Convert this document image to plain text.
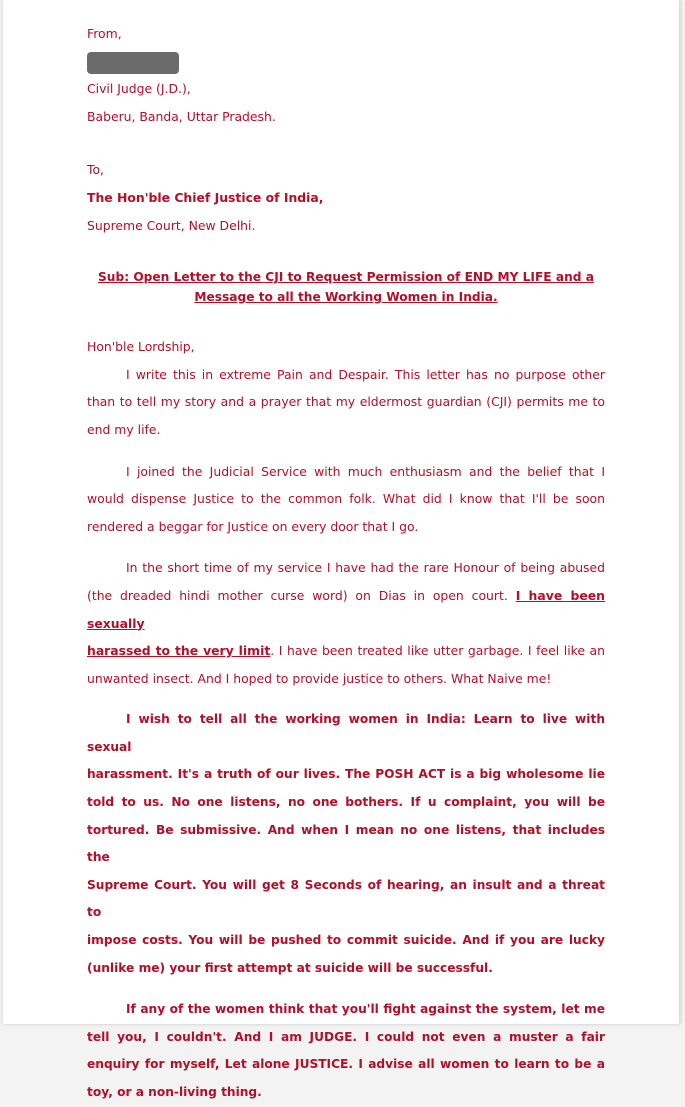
From,

Civil Judge (J.D.),

Baberu, Banda, Uttar Pradesh.

To,

The Hon'ble Chief Justice of India,

Supreme Court, New Delhi.

Sub: Open Letter to the CJI to Request Permission of END MY LIFE and a
Message to all the Working Women in India.

Hon'ble Lordship,

I write this in extreme Pain and Despair. This letter has no purpose other

than to tell my story and a prayer that my eldermost guardian (CJI) permits me to

end my life.

I joined the Judicial Service with much enthusiasm and the belief that I

would dispense Justice to the common folk. What did I know that I'll be soon

rendered a beggar for Justice on every door that I go.

In the short time of my service I have had the rare Honour of being abused

(the dreaded hindi mother curse word) on Dias in open court. I have been sexually

harassed to the very limit. I have been treated like utter garbage. I feel like an

unwanted insect. And I hoped to provide justice to others. What Naive me!

I wish to tell all the working women in India: Learn to live with sexual

harassment. It's a truth of our lives. The POSH ACT is a big wholesome lie

told to us. No one listens, no one bothers. If u complaint, you will be

tortured. Be submissive. And when I mean no one listens, that includes the

Supreme Court. You will get 8 Seconds of hearing, an insult and a threat to

impose costs. You will be pushed to commit suicide. And if you are lucky

(unlike me) your first attempt at suicide will be successful.

If any of the women think that you'll fight against the system, let me

tell you, I couldn't. And I am JUDGE. I could not even a muster a fair

enquiry for myself, Let alone JUSTICE. I advise all women to learn to be a

toy, or a non-living thing.
